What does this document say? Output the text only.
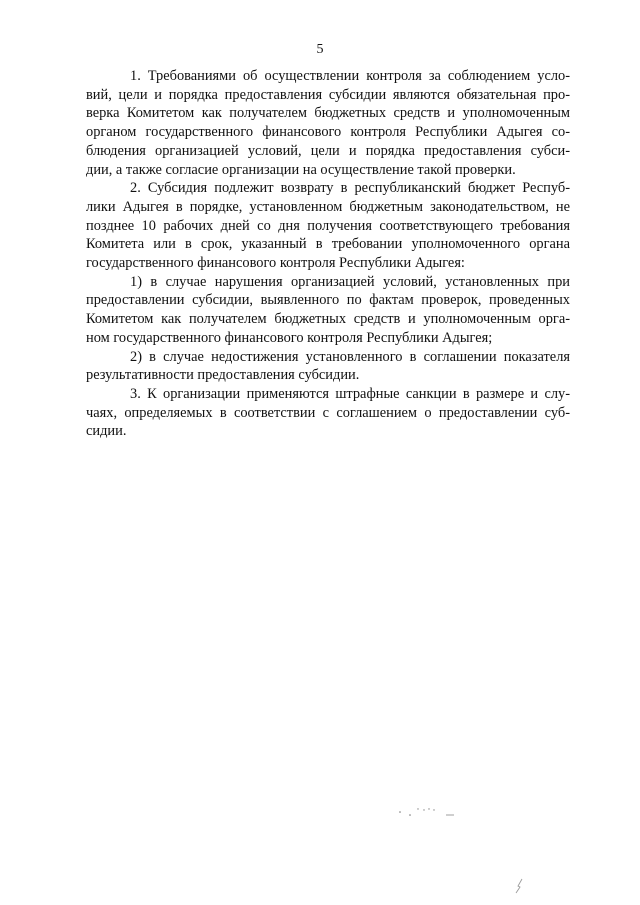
5
1. Требованиями об осуществлении контроля за соблюдением усло-
вий, цели и порядка предоставления субсидии являются обязательная про-
верка Комитетом как получателем бюджетных средств и уполномоченным
органом государственного финансового контроля Республики Адыгея со-
блюдения организацией условий, цели и порядка предоставления субси-
дии, а также согласие организации на осуществление такой проверки.
2. Субсидия подлежит возврату в республиканский бюджет Респуб-
лики Адыгея в порядке, установленном бюджетным законодательством, не
позднее 10 рабочих дней со дня получения соответствующего требования
Комитета или в срок, указанный в требовании уполномоченного органа
государственного финансового контроля Республики Адыгея:
1) в случае нарушения организацией условий, установленных при
предоставлении субсидии, выявленного по фактам проверок, проведенных
Комитетом как получателем бюджетных средств и уполномоченным орга-
ном государственного финансового контроля Республики Адыгея;
2) в случае недостижения установленного в соглашении показателя
результативности предоставления субсидии.
3. К организации применяются штрафные санкции в размере и слу-
чаях, определяемых в соответствии с соглашением о предоставлении суб-
сидии.
